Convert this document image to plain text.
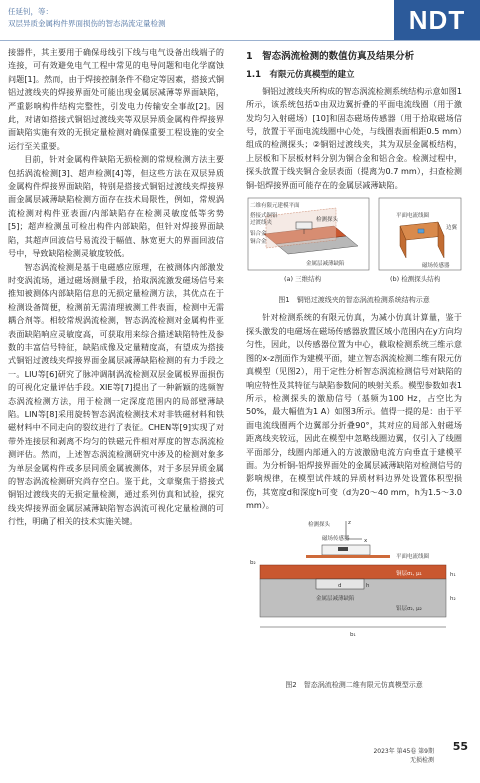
任延钊，等：
双层异质金属构件界面损伤的智态涡流定量检测	NDT

接器件，其主要用于确保母线引下线与电气设备出线端子的连接，可有效避免电气工程中常见的电导问题和电化学腐蚀问题[1]。然而，由于焊接控制条件不稳定等因素，搭接式铜铝过渡线夹的焊接界面处可能出现金属层减薄等界面缺陷，严重影响构件结构完整性，引发电力传输安全事故[2]。因此，对诸如搭接式铜铝过渡线夹等双层异质金属构件焊接界面缺陷实施有效的无损定量检测对确保重要工程设施的安全运行至关重要。

目前，针对金属构件缺陷无损检测的常规检测方法主要包括涡流检测[3]、超声检测[4]等，但这些方法在双层异质金属构件焊接界面缺陷，特别是搭接式铜铝过渡线夹焊接界面金属层减薄缺陷检测方面存在技术局限性，例如，常规涡流检测对构件亚表面/内部缺陷存在检测灵敏度低等劣势[5]；超声检测虽可检出构件内部缺陷，但针对焊接界面缺陷，其超声回波信号易流没于幅值、脉宽更大的界面回波信号中，导致缺陷检测灵敏度较低。

智态涡流检测是基于电磁感应原理，在被测体内部激发时变涡流场，通过磁场测量手段，拾取涡流激发磁场信号来推知被测体内部缺陷信息的无损定量检测方法，其优点在于检测设备简便，检测前无需清理被测工件表面，检测中无需耦合剂等。相较常规涡流检测，智态涡流检测对金属构件亚表面缺陷响应灵敏度高，可获取用来综合描述缺陷特性及参数的丰富信号特征，缺陷成像及定量精度高，有望成为搭接式铜铝过渡线夹焊接界面金属层减薄缺陷检测的有力手段之一。LIU等[6]研究了脉冲调制涡流检测双层金属板界面损伤的可视化定量评估手段。XIE等[7]提出了一种新颖的选频智态涡流检测方法，用于检测一定深度范围内的局部壁薄缺陷。LIN等[8]采用旋转智态涡流检测技术对非铁磁材料和铁磁材料中不同走向的裂纹进行了表征。CHEN等[9]实现了对带外连接层和剥离不均匀的铁磁元件相对厚度的智态涡流检测评估。然而，上述智态涡流检测研究中涉及的检测对象多为单层金属构件或多层同质金属被测体，对于多层异质金属的智态涡流检测研究尚存空白。鉴于此，文章聚焦于搭接式铜铝过渡线夹的无损定量检测，通过系列仿真和试验，探究线夹焊接界面金属层减薄缺陷智态涡流可视化定量检测的可行性，明确了相关的技术实施关键。

1　智态涡流检测的数值仿真及结果分析
1.1　有限元仿真模型的建立

铜铝过渡线夹所构成的智态涡流检测系统结构示意如图1所示，该系统包括①由双边翼折叠的平面电流线圈（用于激发均匀入射磁场）[10]和固态磁场传感器（用于拾取磁场信号，放置于平面电流线圈中心处，与线圈表面相距0.5 mm）组成的检测探头；②铜铝过渡线夹，其为双层金属板结构，上层板和下层板材料分别为铜合金和铝合金。检测过程中，探头放置于线夹铜合金层表面（提离为0.7 mm），扫查检测铜-铝焊接界面可能存在的金属层减薄缺陷。

二维有限元建模平面
搭接式铜铝
过渡线夹
铝合金
铜合金
检测探头
金属层减薄缺陷
(a) 三维结构
平面电流线圈
边翼
磁场传感器
(b) 检测探头结构
图1　铜铝过渡线夹的智态涡流检测系统结构示意

针对检测系统的有限元仿真，为减小仿真计算量，鉴于探头激发的电磁场在磁场传感器放置区域小范围内在y方向均匀性，因此，以传感器位置为中心，截取检测系统三维示意图的x-z剖面作为建模平面，建立智态涡流检测二维有限元仿真模型（见图2），用于定性分析智态涡流检测信号对缺陷的响应特性及其特征与缺陷参数间的映射关系。模型参数如表1所示，检测探头的激励信号（基频为100 Hz，占空比为50%，最大幅值为1 A）如图3所示。值得一提的是：由于平面电流线圈两个边翼部分折叠90°，其对应的局部入射磁场距离线夹较远，因此在模型中忽略线圈边翼，仅引入了线圈平面部分，线圈内部通入的方波激励电流方向垂直于建模平面。为分析铜-铝焊接界面处的金属层减薄缺陷对检测信号的影响规律，在模型试件域的异质材料边界处设置体积型损伤，其宽度d和深度h可变（d为20～40 mm，h为1.5～3.0 mm）。

检测探头
磁场传感器
平面电流线圈
x
z
铜层σ₁, μ₁
金属层减薄缺陷
铝层σ₂, μ₂
h₁
h₂
d	h
b₁
b₂
图2　智态涡流检测二维有限元仿真模型示意
2023年 第45卷 第9期
无损检测
55
